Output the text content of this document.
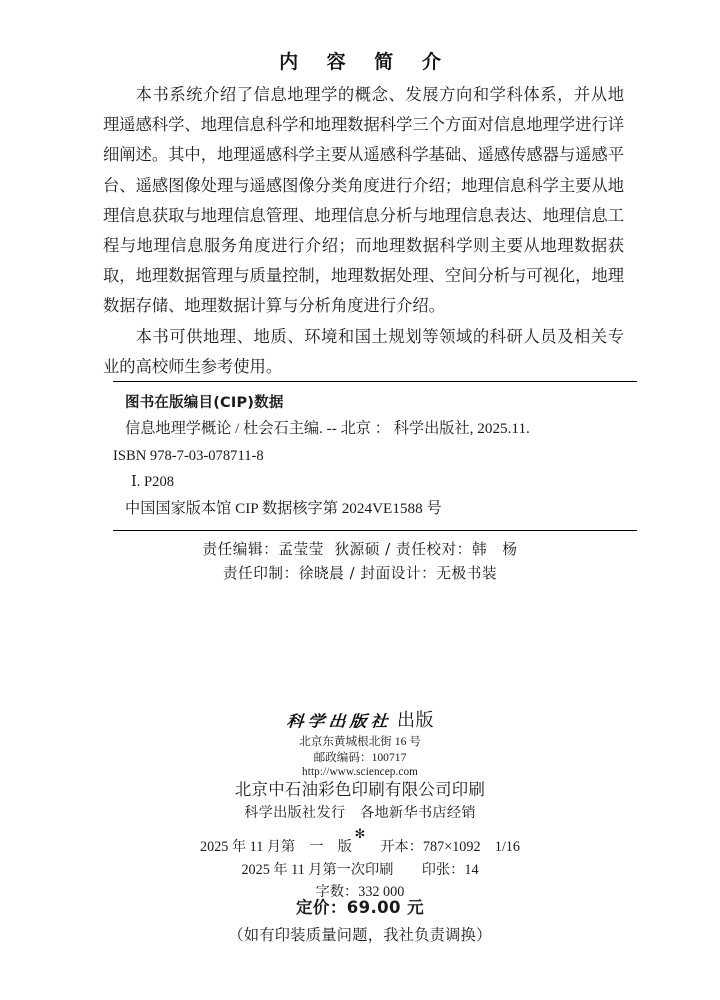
内 容 简 介

本书系统介绍了信息地理学的概念、发展方向和学科体系，并从地理遥感科学、地理信息科学和地理数据科学三个方面对信息地理学进行详细阐述。其中，地理遥感科学主要从遥感科学基础、遥感传感器与遥感平台、遥感图像处理与遥感图像分类角度进行介绍；地理信息科学主要从地理信息获取与地理信息管理、地理信息分析与地理信息表达、地理信息工程与地理信息服务角度进行介绍；而地理数据科学则主要从地理数据获取，地理数据管理与质量控制，地理数据处理、空间分析与可视化，地理数据存储、地理数据计算与分析角度进行介绍。

本书可供地理、地质、环境和国土规划等领域的科研人员及相关专业的高校师生参考使用。

图书在版编目(CIP)数据
信息地理学概论 / 杜会石主编. -- 北京 ： 科学出版社, 2025.11.
ISBN 978-7-03-078711-8
Ⅰ. P208
中国国家版本馆 CIP 数据核字第 2024VE1588 号
责任编辑：孟莹莹  狄源硕 / 责任校对：韩　杨
责任印制：徐晓晨 / 封面设计：无极书装
科学出版社 出版
北京东黄城根北街 16 号
邮政编码：100717
http://www.sciencep.com
北京中石油彩色印刷有限公司印刷
科学出版社发行　各地新华书店经销
✻
2025 年 11 月第　一　版　　开本：787×1092　1/16
2025 年 11 月第一次印刷　　印张：14
字数：332 000
定价：69.00 元
（如有印装质量问题，我社负责调换）
